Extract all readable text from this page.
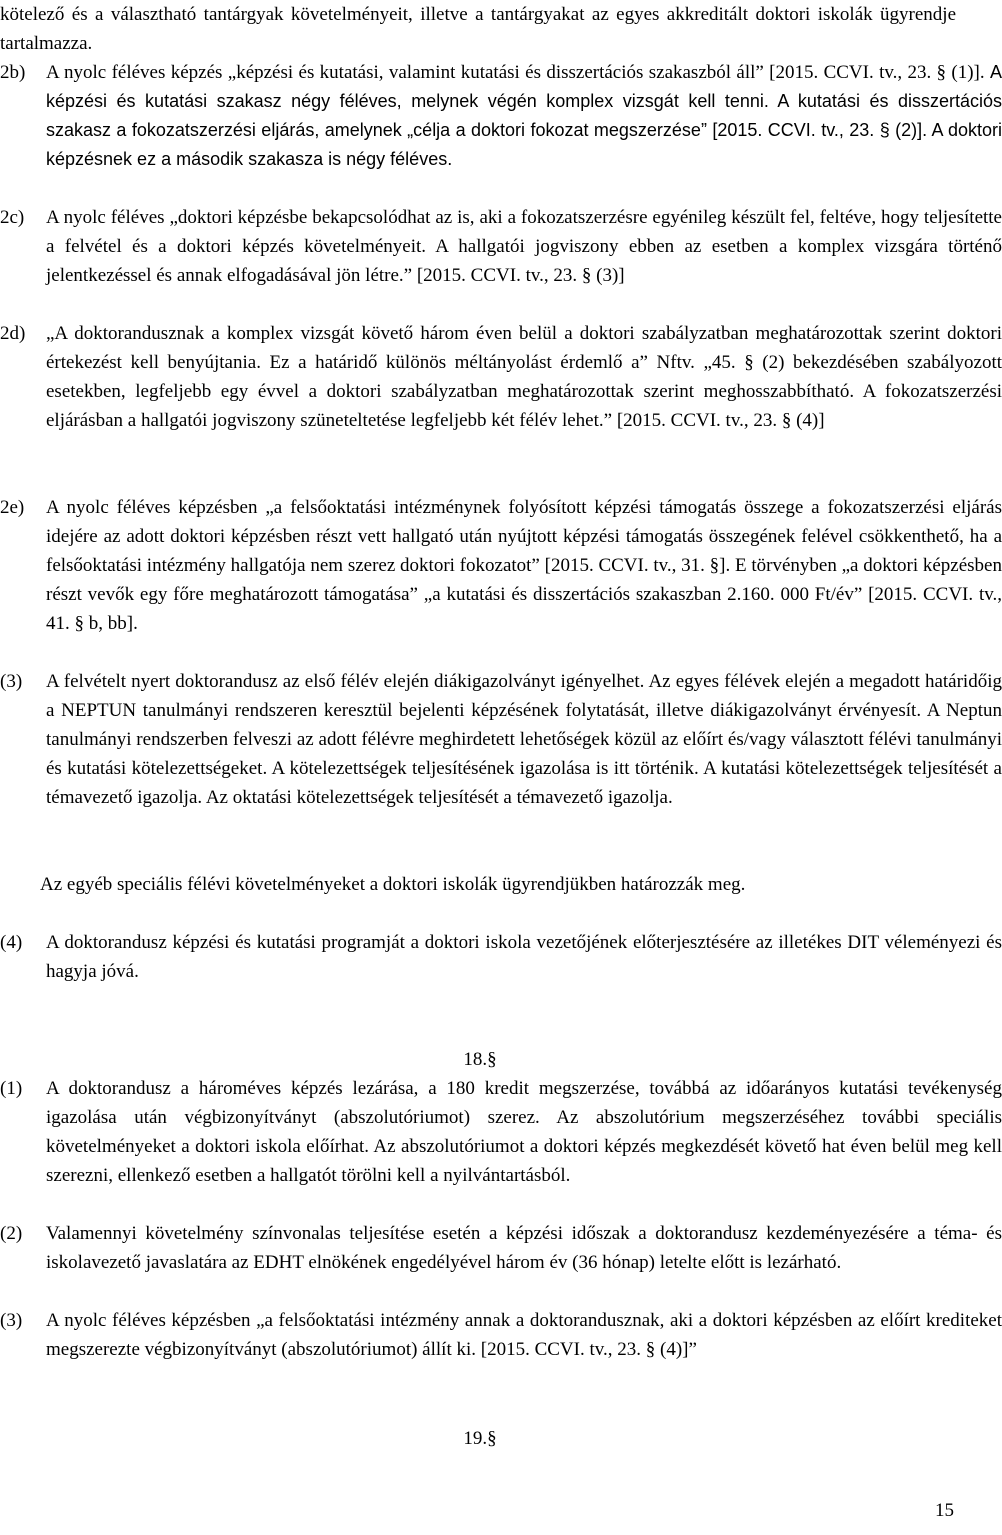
kötelező és a választható tantárgyak követelményeit, illetve a tantárgyakat az egyes akkreditált doktori iskolák ügyrendje tartalmazza.

2b) A nyolc féléves képzés „képzési és kutatási, valamint kutatási és disszertációs szakaszból áll” [2015. CCVI. tv., 23. § (1)]. A képzési és kutatási szakasz négy féléves, melynek végén komplex vizsgát kell tenni. A kutatási és disszertációs szakasz a fokozatszerzési eljárás, amelynek „célja a doktori fokozat megszerzése” [2015. CCVI. tv., 23. § (2)]. A doktori képzésnek ez a második szakasza is négy féléves.

2c) A nyolc féléves „doktori képzésbe bekapcsolódhat az is, aki a fokozatszerzésre egyénileg készült fel, feltéve, hogy teljesítette a felvétel és a doktori képzés követelményeit. A hallgatói jogviszony ebben az esetben a komplex vizsgára történő jelentkezéssel és annak elfogadásával jön létre.” [2015. CCVI. tv., 23. § (3)]

2d) „A doktorandusznak a komplex vizsgát követő három éven belül a doktori szabályzatban meghatározottak szerint doktori értekezést kell benyújtania. Ez a határidő különös méltányolást érdemlő a” Nftv. „45. § (2) bekezdésében szabályozott esetekben, legfeljebb egy évvel a doktori szabályzatban meghatározottak szerint meghosszabbítható. A fokozatszerzési eljárásban a hallgatói jogviszony szüneteltetése legfeljebb két félév lehet.” [2015. CCVI. tv., 23. § (4)]

2e) A nyolc féléves képzésben „a felsőoktatási intézménynek folyósított képzési támogatás összege a fokozatszerzési eljárás idejére az adott doktori képzésben részt vett hallgató után nyújtott képzési támogatás összegének felével csökkenthető, ha a felsőoktatási intézmény hallgatója nem szerez doktori fokozatot” [2015. CCVI. tv., 31. §]. E törvényben „a doktori képzésben részt vevők egy főre meghatározott támogatása” „a kutatási és disszertációs szakaszban 2.160. 000 Ft/év” [2015. CCVI. tv., 41. § b, bb].

(3) A felvételt nyert doktorandusz az első félév elején diákigazolványt igényelhet. Az egyes félévek elején a megadott határidőig a NEPTUN tanulmányi rendszeren keresztül bejelenti képzésének folytatását, illetve diákigazolványt érvényesít. A Neptun tanulmányi rendszerben felveszi az adott félévre meghirdetett lehetőségek közül az előírt és/vagy választott félévi tanulmányi és kutatási kötelezettségeket. A kötelezettségek teljesítésének igazolása is itt történik. A kutatási kötelezettségek teljesítését a témavezető igazolja. Az oktatási kötelezettségek teljesítését a témavezető igazolja.

Az egyéb speciális félévi követelményeket a doktori iskolák ügyrendjükben határozzák meg.

(4) A doktorandusz képzési és kutatási programját a doktori iskola vezetőjének előterjesztésére az illetékes DIT véleményezi és hagyja jóvá.

18.§

(1) A doktorandusz a hároméves képzés lezárása, a 180 kredit megszerzése, továbbá az időarányos kutatási tevékenység igazolása után végbizonyítványt (abszolutóriumot) szerez. Az abszolutórium megszerzéséhez további speciális követelményeket a doktori iskola előírhat. Az abszolutóriumot a doktori képzés megkezdését követő hat éven belül meg kell szerezni, ellenkező esetben a hallgatót törölni kell a nyilvántartásból.

(2) Valamennyi követelmény színvonalas teljesítése esetén a képzési időszak a doktorandusz kezdeményezésére a téma- és iskolavezető javaslatára az EDHT elnökének engedélyével három év (36 hónap) letelte előtt is lezárható.

(3) A nyolc féléves képzésben „a felsőoktatási intézmény annak a doktorandusznak, aki a doktori képzésben az előírt krediteket megszerezte végbizonyítványt (abszolutóriumot) állít ki. [2015. CCVI. tv., 23. § (4)]”

19.§
15
